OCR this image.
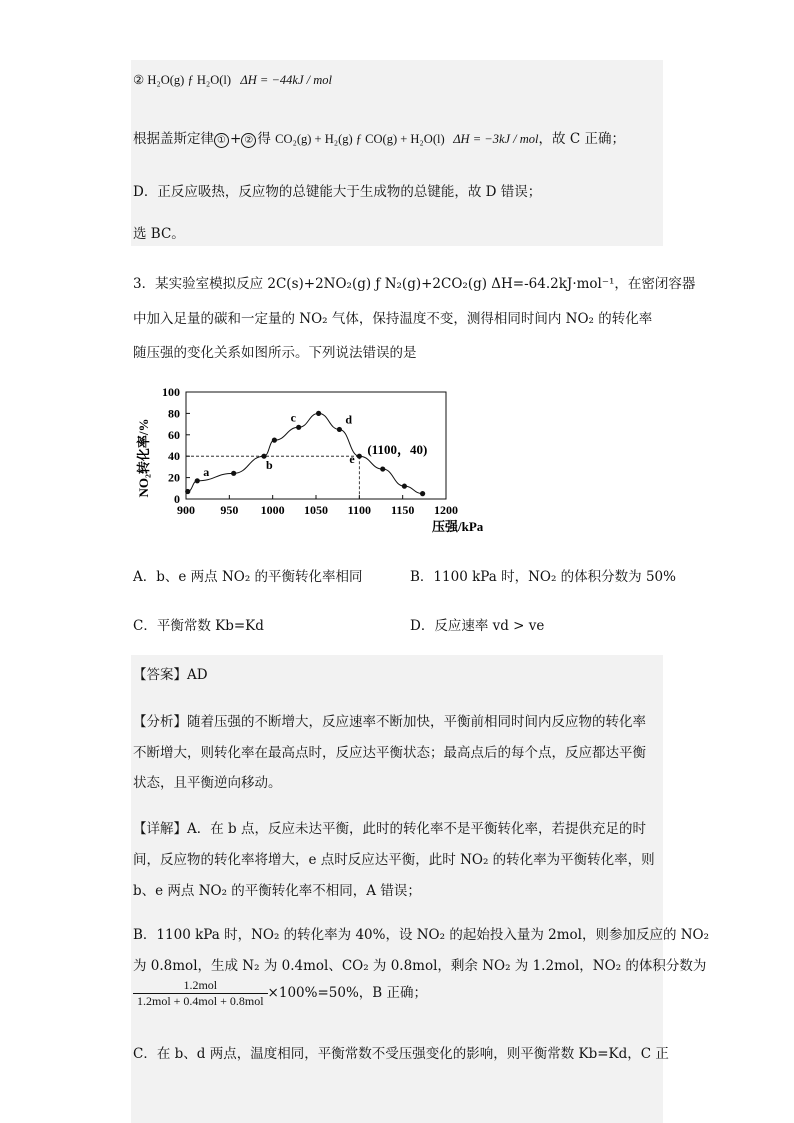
② H₂O(g) ƒ H₂O(l) ΔH = −44kJ / mol
根据盖斯定律 ① + ② 得 CO₂(g) + H₂(g) ƒ CO(g) + H₂O(l) ΔH = −3kJ / mol，故 C 正确；
D．正反应吸热，反应物的总键能大于生成物的总键能，故 D 错误；
选 BC。
3．某实验室模拟反应 2C(s)+2NO₂(g) ƒ N₂(g)+2CO₂(g) ΔH=-64.2kJ·mol⁻¹，在密闭容器
中加入足量的碳和一定量的 NO₂ 气体，保持温度不变，测得相同时间内 NO₂ 的转化率
随压强的变化关系如图所示。下列说法错误的是
NO₂转化率/%
0
20
40
60
80
100
900 950 1000 1050 1100 1150 1200
a	b
c	d
e
(1100，40)
压强/kPa
A．b、e 两点 NO₂ 的平衡转化率相同	B．1100 kPa 时，NO₂ 的体积分数为 50%
C．平衡常数 Kb=Kd	D．反应速率 vd > ve
【答案】AD
【分析】随着压强的不断增大，反应速率不断加快，平衡前相同时间内反应物的转化率
不断增大，则转化率在最高点时，反应达平衡状态；最高点后的每个点，反应都达平衡
状态，且平衡逆向移动。
【详解】A．在 b 点，反应未达平衡，此时的转化率不是平衡转化率，若提供充足的时
间，反应物的转化率将增大，e 点时反应达平衡，此时 NO₂ 的转化率为平衡转化率，则
b、e 两点 NO₂ 的平衡转化率不相同，A 错误；
B．1100 kPa 时，NO₂ 的转化率为 40%，设 NO₂ 的起始投入量为 2mol，则参加反应的 NO₂
为 0.8mol，生成 N₂ 为 0.4mol、CO₂ 为 0.8mol，剩余 NO₂ 为 1.2mol，NO₂ 的体积分数为
$\frac{\text{1.2mol}}{\text{1.2mol + 0.4mol + 0.8mol}} \times 100\%=50\%$，B 正确；
C．在 b、d 两点，温度相同，平衡常数不受压强变化的影响，则平衡常数 Kb=Kd，C 正
